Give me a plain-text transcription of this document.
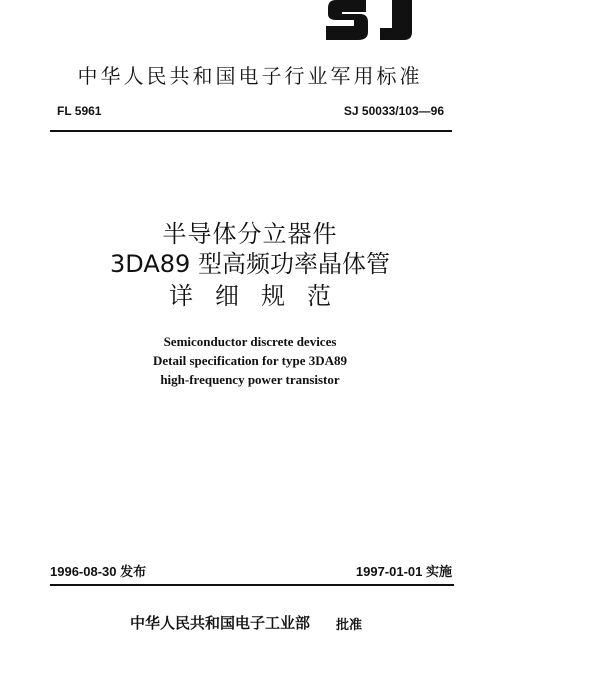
中华人民共和国电子行业军用标准
FL 5961	SJ 50033/103—96
半导体分立器件
3DA89 型高频功率晶体管
详细规范
Semiconductor discrete devices
Detail specification for type 3DA89
high-frequency power transistor
1996-08-30 发布	1997-01-01 实施
中华人民共和国电子工业部 批准
